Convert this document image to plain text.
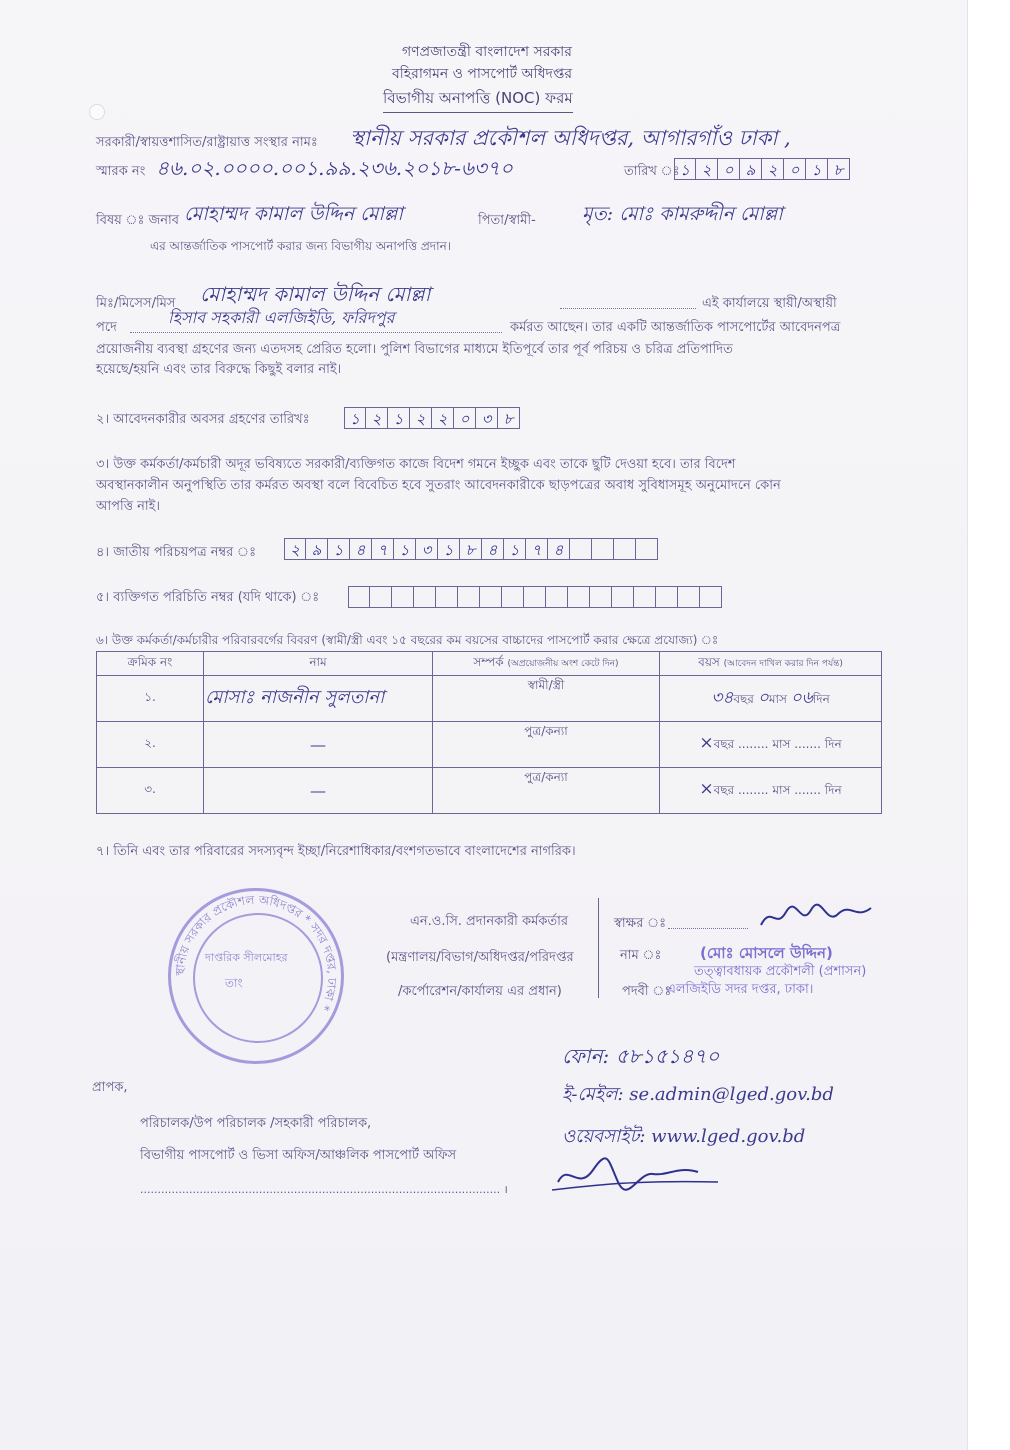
গণপ্রজাতন্ত্রী বাংলাদেশ সরকার
বহিরাগমন ও পাসপোর্ট অধিদপ্তর
বিভাগীয় অনাপত্তি (NOC) ফরম
সরকারী/স্বায়ত্তশাসিত/রাষ্ট্রায়াত্ত সংস্থার নামঃ স্থানীয় সরকার প্রকৌশল অধিদপ্তর, আগারগাঁও ঢাকা ,
স্মারক নং ৪৬.০২.০০০০.০০১.৯৯.২৩৬.২০১৮-৬৩৭০	তারিখ ঃ ১ ২ ০ ৯ ২ ০ ১ ৮
বিষয় ঃ জনাব মোহাম্মদ কামাল উদ্দিন মোল্লা	পিতা/স্বামী- মৃত: মোঃ কামরুদ্দীন মোল্লা
এর আন্তর্জাতিক পাসপোর্ট করার জন্য বিভাগীয় অনাপত্তি প্রদান।
মিঃ/মিসেস/মিস মোহাম্মদ কামাল উদ্দিন মোল্লা	এই কার্যালয়ে স্থায়ী/অস্থায়ী
পদে
হিসাব সহকারী এলজিইডি, ফরিদপুর
কর্মরত আছেন। তার একটি আন্তর্জাতিক পাসপোর্টের আবেদনপত্র
প্রয়োজনীয় ব্যবস্থা গ্রহণের জন্য এতদসহ প্রেরিত হলো। পুলিশ বিভাগের মাধ্যমে ইতিপূর্বে তার পূর্ব পরিচয় ও চরিত্র প্রতিপাদিত
হয়েছে/হয়নি এবং তার বিরুদ্ধে কিছুই বলার নাই।
২। আবেদনকারীর অবসর গ্রহণের তারিখঃ	১ ২ ১ ২ ২ ০ ৩ ৮
৩। উক্ত কর্মকর্তা/কর্মচারী অদূর ভবিষ্যতে সরকারী/ব্যক্তিগত কাজে বিদেশ গমনে ইচ্ছুক এবং তাকে ছুটি দেওয়া হবে। তার বিদেশ
অবস্থানকালীন অনুপস্থিতি তার কর্মরত অবস্থা বলে বিবেচিত হবে সুতরাং আবেদনকারীকে ছাড়পত্রের অবাধ সুবিধাসমূহ অনুমোদনে কোন
আপত্তি নাই।
৪। জাতীয় পরিচয়পত্র নম্বর ঃ	২ ৯ ১ ৪ ৭ ১ ৩ ১ ৮ ৪ ১ ৭ ৪
৫। ব্যক্তিগত পরিচিতি নম্বর (যদি থাকে) ঃ
৬। উক্ত কর্মকর্তা/কর্মচারীর পরিবারবর্গের বিবরণ (স্বামী/স্ত্রী এবং ১৫ বছরের কম বয়সের বাচ্চাদের পাসপোর্ট করার ক্ষেত্রে প্রযোজ্য) ঃ
ক্রমিক নং	নাম	সম্পর্ক (অপ্রয়োজনীয় অংশ কেটে দিন)	বয়স (আবেদন দাখিল করার দিন পর্যন্ত)
১.	মোসাঃ নাজনীন সুলতানা	স্বামী/স্ত্রী	৩৪বছর ০মাস ০৬দিন
২.	—	পুত্র/কন্যা	×বছর ........ মাস ....... দিন
৩.	—	পুত্র/কন্যা	×বছর ........ মাস ....... দিন
৭। তিনি এবং তার পরিবারের সদস্যবৃন্দ ইচ্ছা/নিরেশাধিকার/বংশগতভাবে বাংলাদেশের নাগরিক।
স্থানীয় সরকার প্রকৌশল অধিদপ্তর * সদর দপ্তর, ঢাকা *
দাপ্তরিক সীলমোহর
তাং
এন.ও.সি. প্রদানকারী কর্মকর্তার
(মন্ত্রণালয়/বিভাগ/অধিদপ্তর/পরিদপ্তর
/কর্পোরেশন/কার্যালয় এর প্রধান)
স্বাক্ষর ঃ
নাম ঃ	(মোঃ মোসলে উদ্দিন)
তত্ত্বাবধায়ক প্রকৌশলী (প্রশাসন)
পদবী ঃ
এলজিইডি সদর দপ্তর, ঢাকা।
ফোন: ৫৮১৫১৪৭০
ই-মেইল: se.admin@lged.gov.bd
ওয়েবসাইট: www.lged.gov.bd
প্রাপক,
পরিচালক/উপ পরিচালক /সহকারী পরিচালক,
বিভাগীয় পাসপোর্ট ও ভিসা অফিস/আঞ্চলিক পাসপোর্ট অফিস
....................................................................................................... ।
